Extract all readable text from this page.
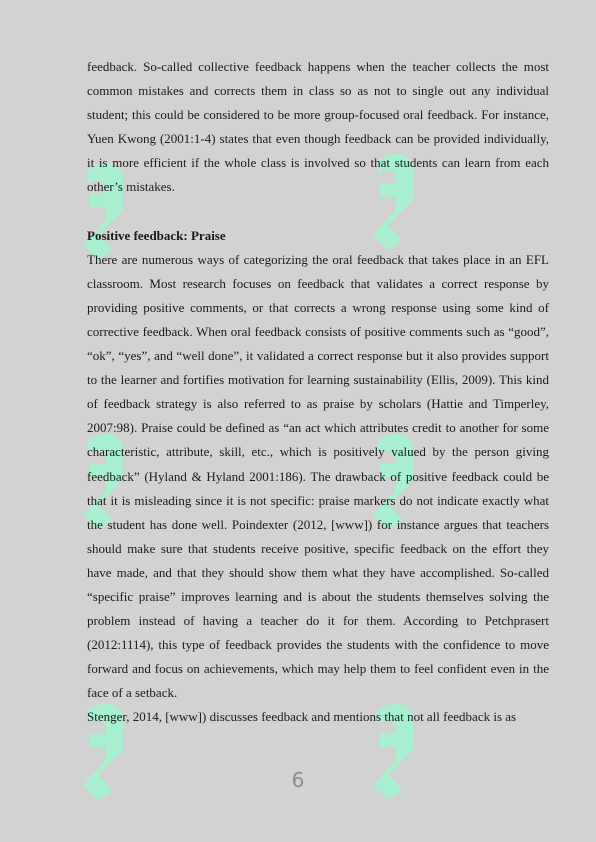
feedback. So-called collective feedback happens when the teacher collects the most common mistakes and corrects them in class so as not to single out any individual student; this could be considered to be more group-focused oral feedback. For instance, Yuen Kwong (2001:1-4) states that even though feedback can be provided individually, it is more efficient if the whole class is involved so that students can learn from each other’s mistakes.

Positive feedback: Praise

There are numerous ways of categorizing the oral feedback that takes place in an EFL classroom. Most research focuses on feedback that validates a correct response by providing positive comments, or that corrects a wrong response using some kind of corrective feedback. When oral feedback consists of positive comments such as “good”, “ok”, “yes”, and “well done”, it validated a correct response but it also provides support to the learner and fortifies motivation for learning sustainability (Ellis, 2009). This kind of feedback strategy is also referred to as praise by scholars (Hattie and Timperley, 2007:98). Praise could be defined as “an act which attributes credit to another for some characteristic, attribute, skill, etc., which is positively valued by the person giving feedback” (Hyland & Hyland 2001:186). The drawback of positive feedback could be that it is misleading since it is not specific: praise markers do not indicate exactly what the student has done well. Poindexter (2012, [www]) for instance argues that teachers should make sure that students receive positive, specific feedback on the effort they have made, and that they should show them what they have accomplished. So-called “specific praise” improves learning and is about the students themselves solving the problem instead of having a teacher do it for them. According to Petchprasert (2012:1114), this type of feedback provides the students with the confidence to move forward and focus on achievements, which may help them to feel confident even in the face of a setback.

Stenger, 2014, [www]) discusses feedback and mentions that not all feedback is as

6
